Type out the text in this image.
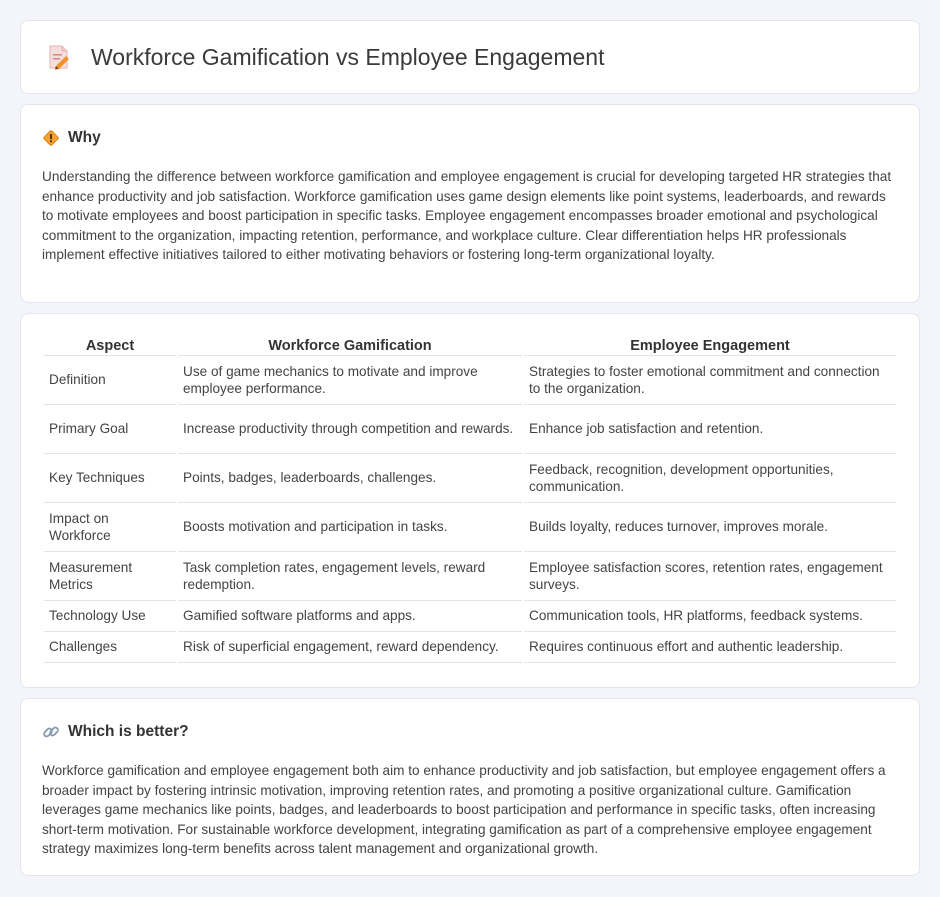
Workforce Gamification vs Employee Engagement
Why

Understanding the difference between workforce gamification and employee engagement is crucial for developing targeted HR strategies that enhance productivity and job satisfaction. Workforce gamification uses game design elements like point systems, leaderboards, and rewards to motivate employees and boost participation in specific tasks. Employee engagement encompasses broader emotional and psychological commitment to the organization, impacting retention, performance, and workplace culture. Clear differentiation helps HR professionals implement effective initiatives tailored to either motivating behaviors or fostering long-term organizational loyalty.

Aspect	Workforce Gamification	Employee Engagement
Definition	Use of game mechanics to motivate and improve employee performance.	Strategies to foster emotional commitment and connection to the organization.
Primary Goal	Increase productivity through competition and rewards.	Enhance job satisfaction and retention.
Key Techniques	Points, badges, leaderboards, challenges.	Feedback, recognition, development opportunities, communication.
Impact on Workforce	Boosts motivation and participation in tasks.	Builds loyalty, reduces turnover, improves morale.
Measurement Metrics	Task completion rates, engagement levels, reward redemption.	Employee satisfaction scores, retention rates, engagement surveys.
Technology Use	Gamified software platforms and apps.	Communication tools, HR platforms, feedback systems.
Challenges	Risk of superficial engagement, reward dependency.	Requires continuous effort and authentic leadership.
Which is better?

Workforce gamification and employee engagement both aim to enhance productivity and job satisfaction, but employee engagement offers a broader impact by fostering intrinsic motivation, improving retention rates, and promoting a positive organizational culture. Gamification leverages game mechanics like points, badges, and leaderboards to boost participation and performance in specific tasks, often increasing short-term motivation. For sustainable workforce development, integrating gamification as part of a comprehensive employee engagement strategy maximizes long-term benefits across talent management and organizational growth.
